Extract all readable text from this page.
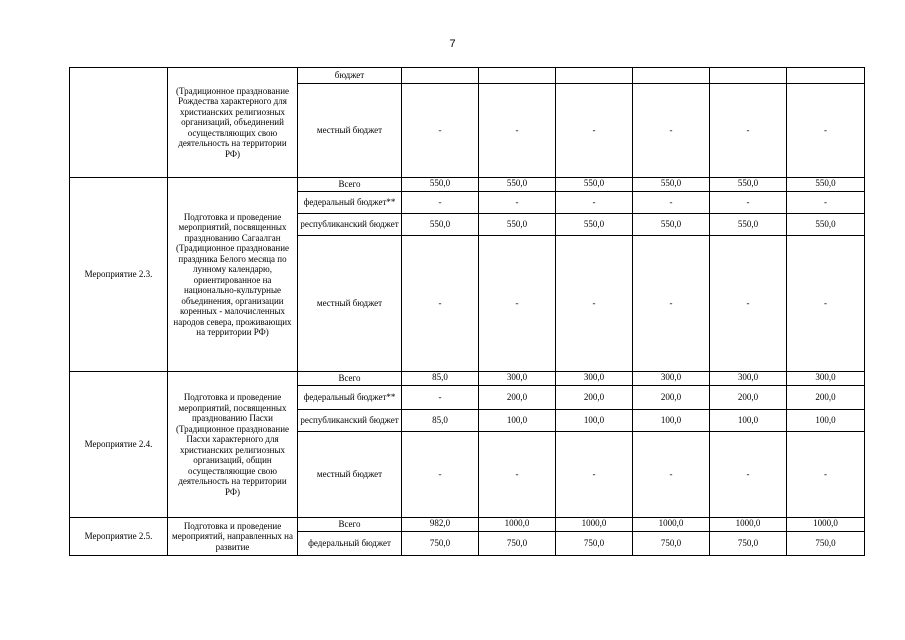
7
	(Традиционное празднование Рождества характерного для христианских религиозных организаций, объединений осуществляющих свою деятельность на территории РФ)	бюджет						
		местный бюджет	-	-	-	-	-	-
Мероприятие 2.3.	Подготовка и проведение мероприятий, посвященных празднованию Сагаалган (Традиционное празднование праздника Белого месяца по лунному календарю, ориентированное на национально-культурные объединения, организации коренных - малочисленных народов севера, проживающих на территории РФ)	Всего	550,0	550,0	550,0	550,0	550,0	550,0
		федеральный бюджет**	-	-	-	-	-	-
		республиканский бюджет	550,0	550,0	550,0	550,0	550,0	550,0
		местный бюджет	-	-	-	-	-	-
Мероприятие 2.4.	Подготовка и проведение мероприятий, посвященных празднованию Пасхи (Традиционное празднование Пасхи характерного для христианских религиозных организаций, общин осуществляющие свою деятельность на территории РФ)	Всего	85,0	300,0	300,0	300,0	300,0	300,0
		федеральный бюджет**	-	200,0	200,0	200,0	200,0	200,0
		республиканский бюджет	85,0	100,0	100,0	100,0	100,0	100,0
		местный бюджет	-	-	-	-	-	-
Мероприятие 2.5.	Подготовка и проведение мероприятий, направленных на развитие	Всего	982,0	1000,0	1000,0	1000,0	1000,0	1000,0
		федеральный бюджет	750,0	750,0	750,0	750,0	750,0	750,0
